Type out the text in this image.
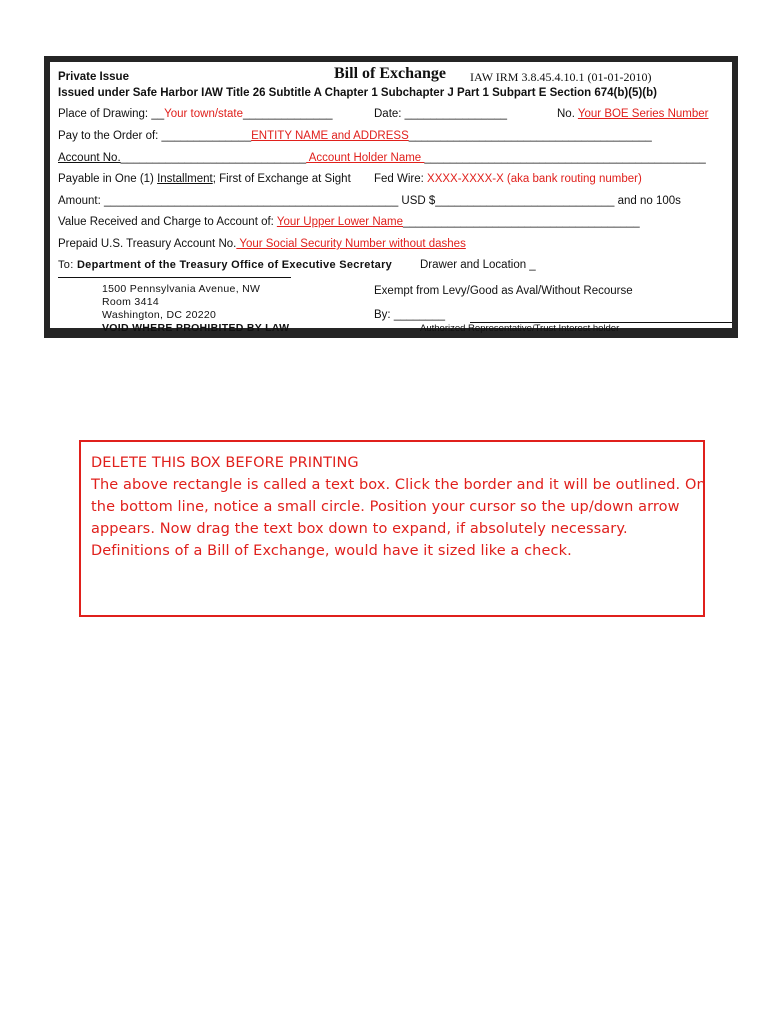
Private Issue	Bill of Exchange IAW IRM 3.8.45.4.10.1 (01-01-2010)
Issued under Safe Harbor IAW Title 26 Subtitle A Chapter 1 Subchapter J Part 1 Subpart E Section 674(b)(5)(b)
Place of Drawing: __Your town/state______________	Date: ________________	No. Your BOE Series Number
Pay to the Order of: ______________ENTITY NAME and ADDRESS______________________________________
Account No._____________________________ Account Holder Name ____________________________________________
Payable in One (1) Installment; First of Exchange at Sight Fed Wire: XXXX-XXXX-X (aka bank routing number)
Amount: ______________________________________________ USD $____________________________ and no 100s
Value Received and Charge to Account of: Your Upper Lower Name_____________________________________
Prepaid U.S. Treasury Account No. Your Social Security Number without dashes
To: Department of the Treasury Office of Executive Secretary Drawer and Location _
1500 Pennsylvania Avenue, NW
Room 3414
Washington, DC 20220
VOID WHERE PROHIBITED BY LAW
Exempt from Levy/Good as Aval/Without Recourse
By: ________
Authorized Representative/Trust Interest holder
DELETE THIS BOX BEFORE PRINTING
The above rectangle is called a text box. Click the border and it will be outlined. On
the bottom line, notice a small circle. Position your cursor so the up/down arrow
appears. Now drag the text box down to expand, if absolutely necessary.
Definitions of a Bill of Exchange, would have it sized like a check.
